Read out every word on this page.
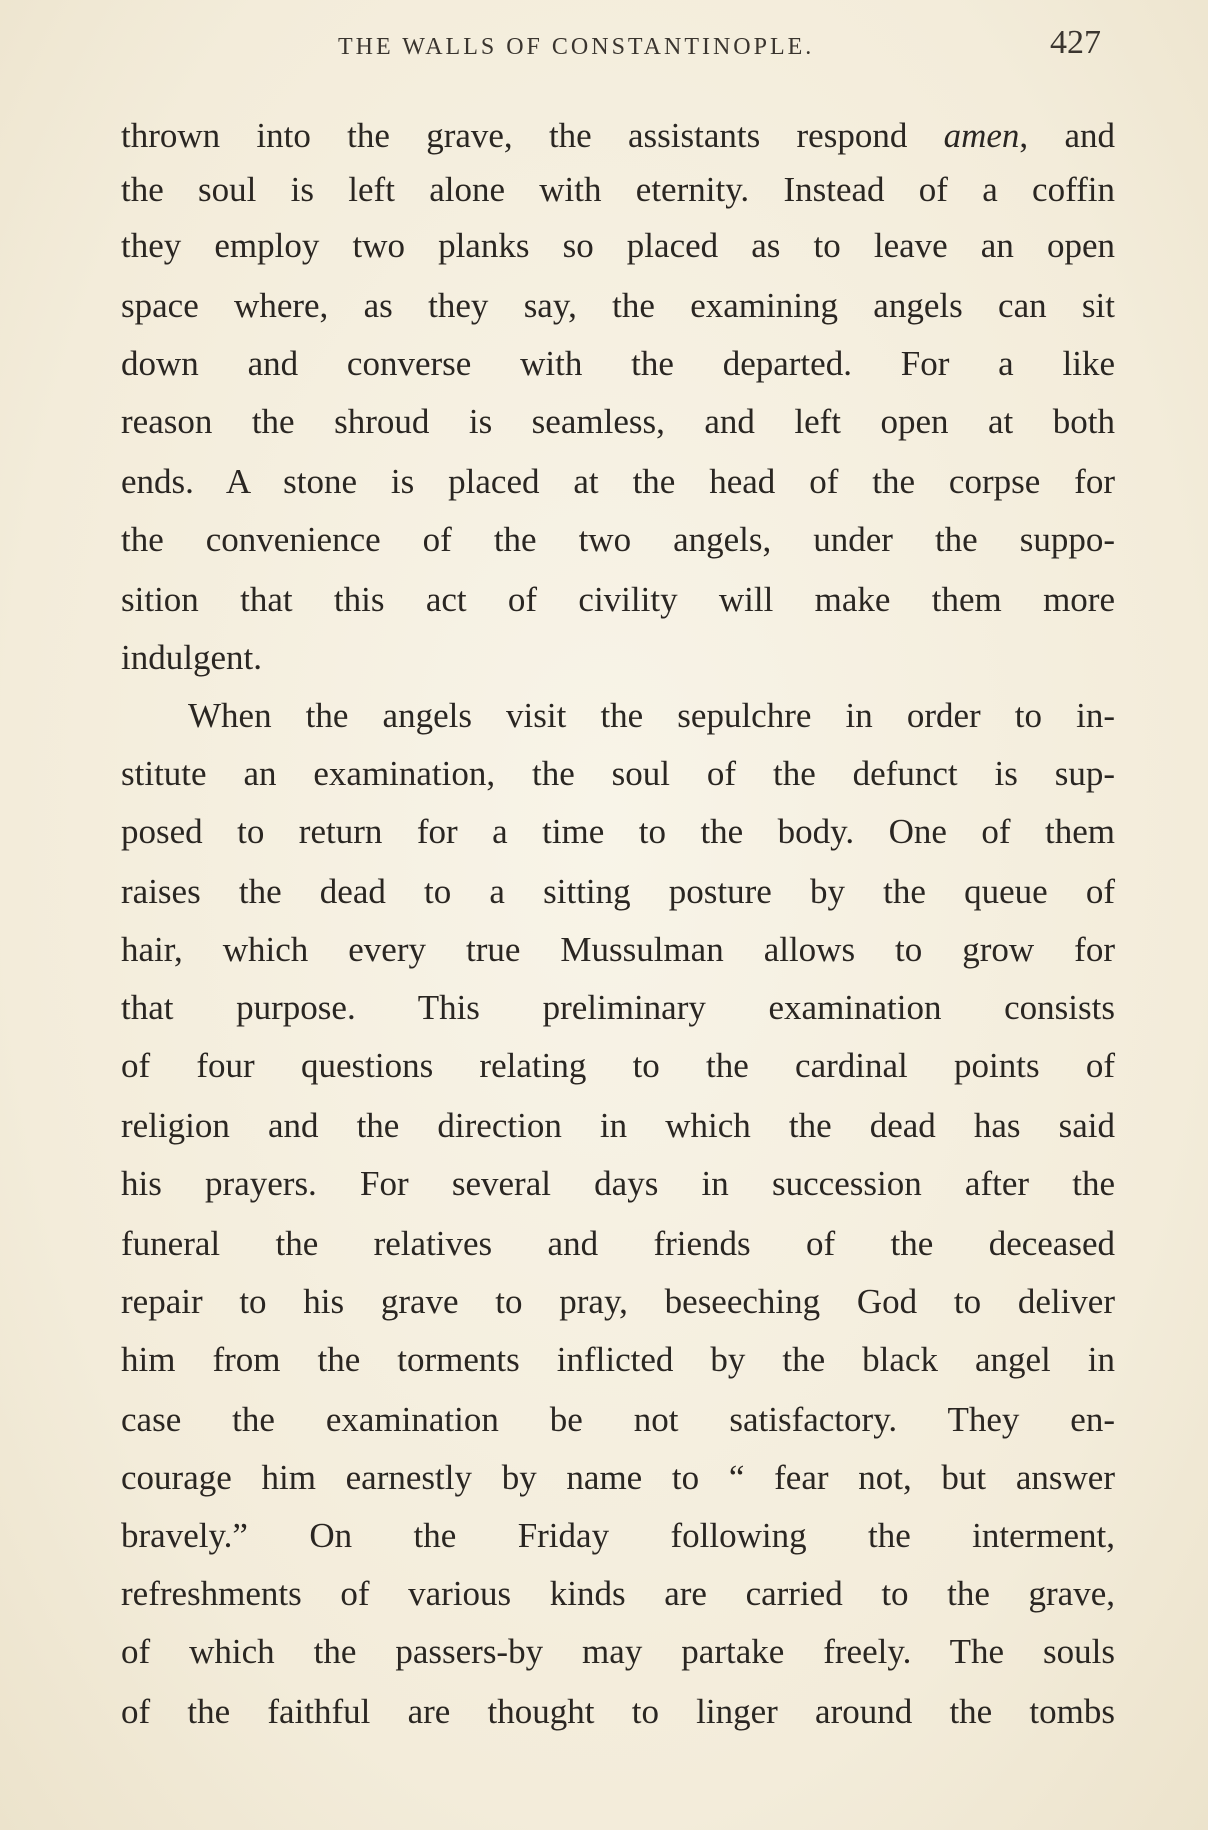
THE WALLS OF CONSTANTINOPLE.	427
thrown into the grave, the assistants respond amen, and
the soul is left alone with eternity. Instead of a coffin
they employ two planks so placed as to leave an open
space where, as they say, the examining angels can sit
down and converse with the departed. For a like
reason the shroud is seamless, and left open at both
ends. A stone is placed at the head of the corpse for
the convenience of the two angels, under the suppo-
sition that this act of civility will make them more
indulgent.
When the angels visit the sepulchre in order to in-
stitute an examination, the soul of the defunct is sup-
posed to return for a time to the body. One of them
raises the dead to a sitting posture by the queue of
hair, which every true Mussulman allows to grow for
that purpose. This preliminary examination consists
of four questions relating to the cardinal points of
religion and the direction in which the dead has said
his prayers. For several days in succession after the
funeral the relatives and friends of the deceased
repair to his grave to pray, beseeching God to deliver
him from the torments inflicted by the black angel in
case the examination be not satisfactory. They en-
courage him earnestly by name to “ fear not, but answer
bravely.” On the Friday following the interment,
refreshments of various kinds are carried to the grave,
of which the passers-by may partake freely. The souls
of the faithful are thought to linger around the tombs
